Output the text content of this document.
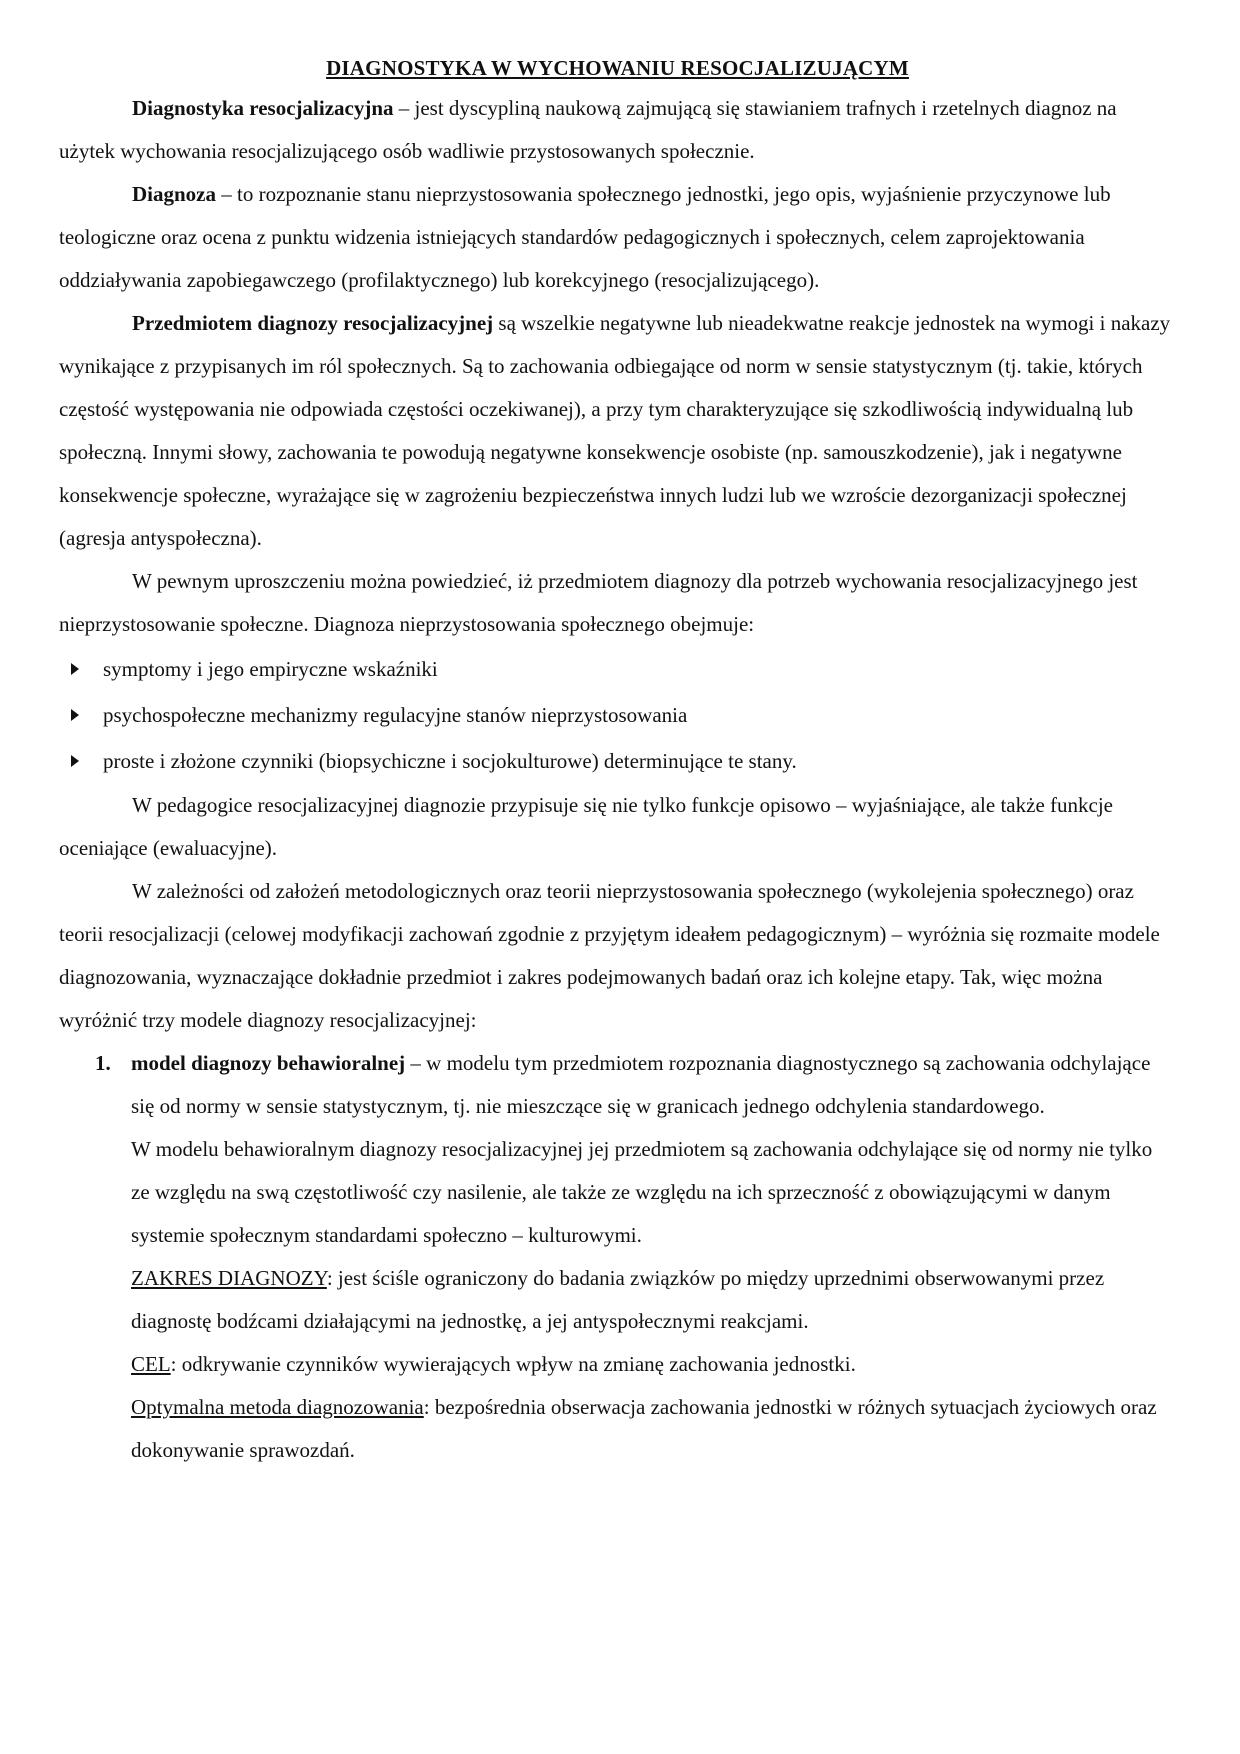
DIAGNOSTYKA W WYCHOWANIU RESOCJALIZUJĄCYM

Diagnostyka resocjalizacyjna – jest dyscypliną naukową zajmującą się stawianiem trafnych i rzetelnych diagnoz na użytek wychowania resocjalizującego osób wadliwie przystosowanych społecznie.

Diagnoza – to rozpoznanie stanu nieprzystosowania społecznego jednostki, jego opis, wyjaśnienie przyczynowe lub teologiczne oraz ocena z punktu widzenia istniejących standardów pedagogicznych i społecznych, celem zaprojektowania oddziaływania zapobiegawczego (profilaktycznego) lub korekcyjnego (resocjalizującego).

Przedmiotem diagnozy resocjalizacyjnej są wszelkie negatywne lub nieadekwatne reakcje jednostek na wymogi i nakazy wynikające z przypisanych im ról społecznych. Są to zachowania odbiegające od norm w sensie statystycznym (tj. takie, których częstość występowania nie odpowiada częstości oczekiwanej), a przy tym charakteryzujące się szkodliwością indywidualną lub społeczną. Innymi słowy, zachowania te powodują negatywne konsekwencje osobiste (np. samouszkodzenie), jak i negatywne konsekwencje społeczne, wyrażające się w zagrożeniu bezpieczeństwa innych ludzi lub we wzroście dezorganizacji społecznej (agresja antyspołeczna).

W pewnym uproszczeniu można powiedzieć, iż przedmiotem diagnozy dla potrzeb wychowania resocjalizacyjnego jest nieprzystosowanie społeczne. Diagnoza nieprzystosowania społecznego obejmuje:

symptomy i jego empiryczne wskaźniki
psychospołeczne mechanizmy regulacyjne stanów nieprzystosowania
proste i złożone czynniki (biopsychiczne i socjokulturowe) determinujące te stany.

W pedagogice resocjalizacyjnej diagnozie przypisuje się nie tylko funkcje opisowo – wyjaśniające, ale także funkcje oceniające (ewaluacyjne).

W zależności od założeń metodologicznych oraz teorii nieprzystosowania społecznego (wykolejenia społecznego) oraz teorii resocjalizacji (celowej modyfikacji zachowań zgodnie z przyjętym ideałem pedagogicznym) – wyróżnia się rozmaite modele diagnozowania, wyznaczające dokładnie przedmiot i zakres podejmowanych badań oraz ich kolejne etapy. Tak, więc można wyróżnić trzy modele diagnozy resocjalizacyjnej:

1. model diagnozy behawioralnej – w modelu tym przedmiotem rozpoznania diagnostycznego są zachowania odchylające się od normy w sensie statystycznym, tj. nie mieszczące się w granicach jednego odchylenia standardowego.

W modelu behawioralnym diagnozy resocjalizacyjnej jej przedmiotem są zachowania odchylające się od normy nie tylko ze względu na swą częstotliwość czy nasilenie, ale także ze względu na ich sprzeczność z obowiązującymi w danym systemie społecznym standardami społeczno – kulturowymi.

ZAKRES DIAGNOZY: jest ściśle ograniczony do badania związków po między uprzednimi obserwowanymi przez diagnostę bodźcami działającymi na jednostkę, a jej antyspołecznymi reakcjami.

CEL: odkrywanie czynników wywierających wpływ na zmianę zachowania jednostki.

Optymalna metoda diagnozowania: bezpośrednia obserwacja zachowania jednostki w różnych sytuacjach życiowych oraz dokonywanie sprawozdań.
